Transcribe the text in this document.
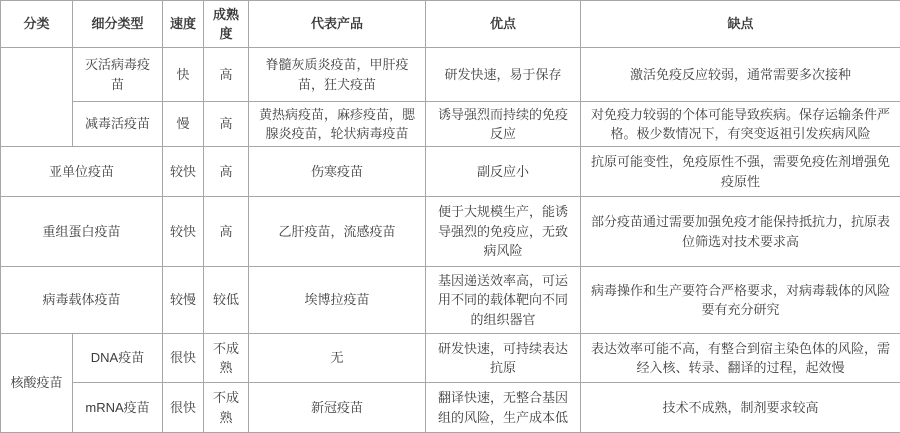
分类	细分类型	速度	成熟度	代表产品	优点	缺点
	灭活病毒疫苗	快	高	脊髓灰质炎疫苗，甲肝疫苗，狂犬疫苗	研发快速，易于保存	激活免疫反应较弱，通常需要多次接种
	减毒活疫苗	慢	高	黄热病疫苗，麻疹疫苗，腮腺炎疫苗，轮状病毒疫苗	诱导强烈而持续的免疫反应	对免疫力较弱的个体可能导致疾病。保存运输条件严格。极少数情况下，有突变返祖引发疾病风险
亚单位疫苗		较快	高	伤寒疫苗	副反应小	抗原可能变性，免疫原性不强，需要免疫佐剂增强免疫原性
重组蛋白疫苗		较快	高	乙肝疫苗，流感疫苗	便于大规模生产，能诱导强烈的免疫应，无致病风险	部分疫苗通过需要加强免疫才能保持抵抗力，抗原表位筛选对技术要求高
病毒载体疫苗		较慢	较低	埃博拉疫苗	基因递送效率高，可运用不同的载体靶向不同的组织器官	病毒操作和生产要符合严格要求，对病毒载体的风险要有充分研究
核酸疫苗	DNA疫苗	很快	不成熟	无	研发快速，可持续表达抗原	表达效率可能不高，有整合到宿主染色体的风险，需经入核、转录、翻译的过程，起效慢
	mRNA疫苗	很快	不成熟	新冠疫苗	翻译快速，无整合基因组的风险，生产成本低	技术不成熟，制剂要求较高
